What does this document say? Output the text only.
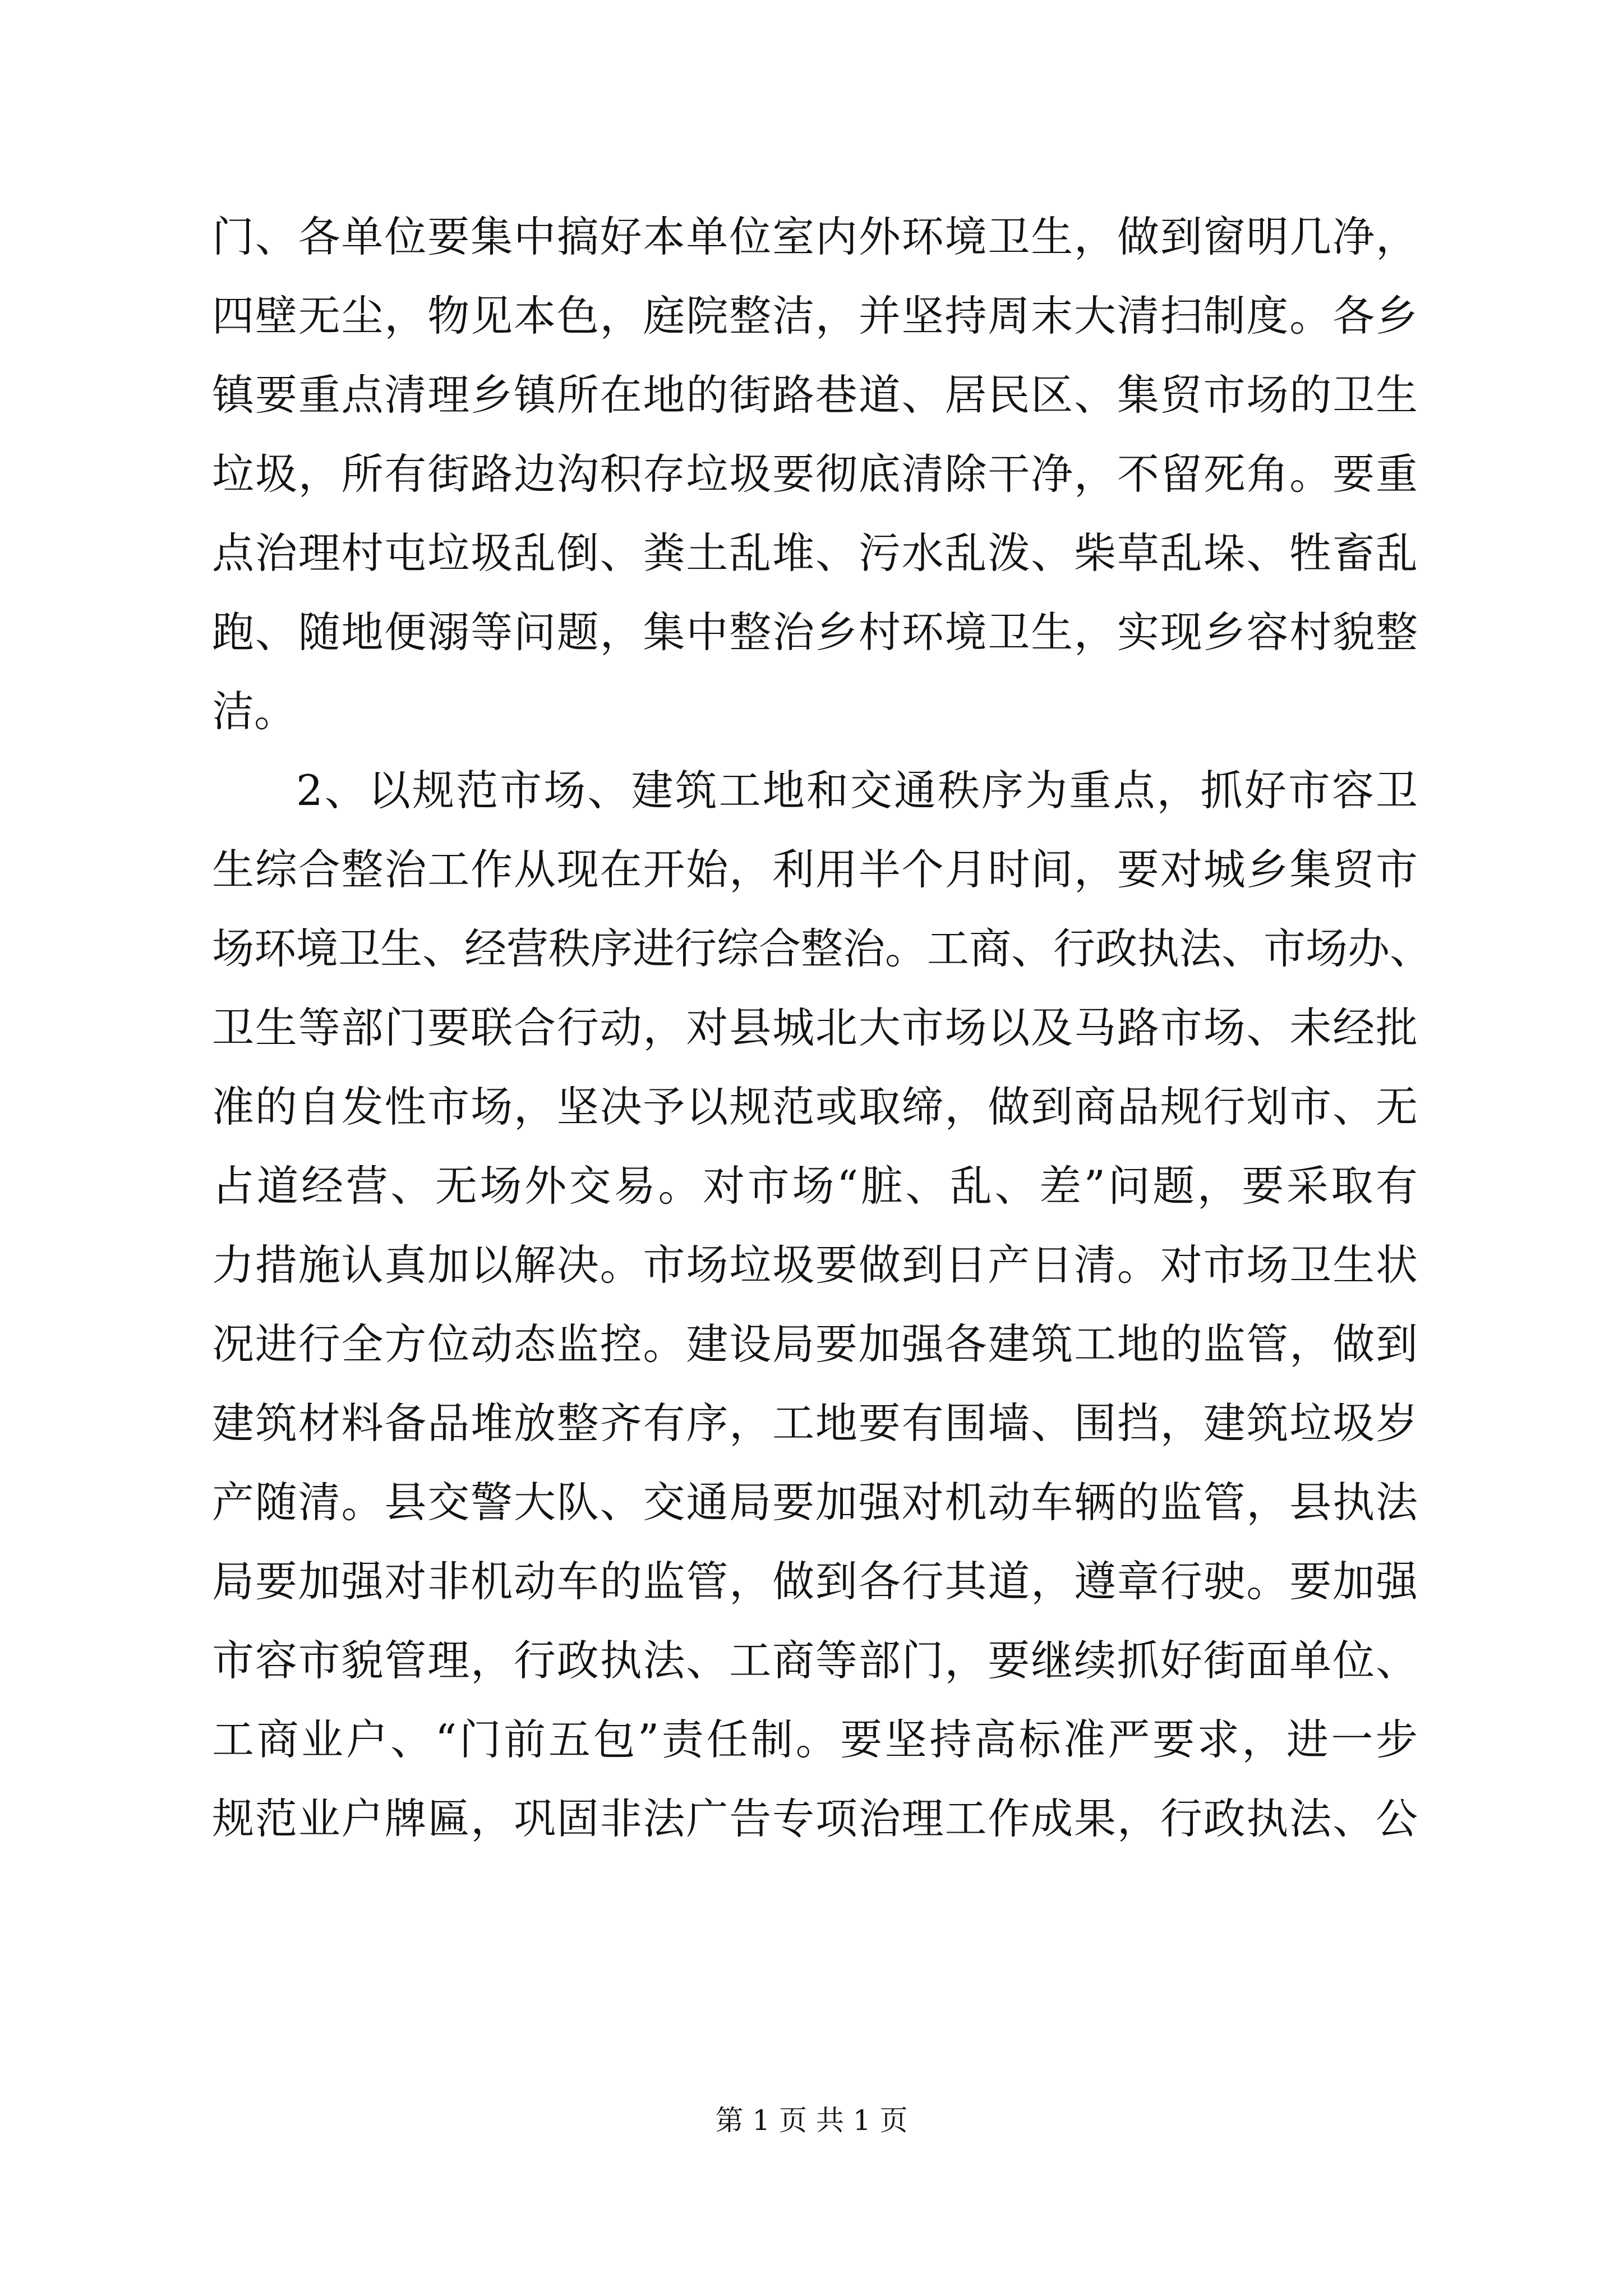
门、各单位要集中搞好本单位室内外环境卫生，做到窗明几净，
四壁无尘，物见本色，庭院整洁，并坚持周末大清扫制度。各乡
镇要重点清理乡镇所在地的街路巷道、居民区、集贸市场的卫生
垃圾，所有街路边沟积存垃圾要彻底清除干净，不留死角。要重
点治理村屯垃圾乱倒、粪土乱堆、污水乱泼、柴草乱垛、牲畜乱
跑、随地便溺等问题，集中整治乡村环境卫生，实现乡容村貌整
洁。
2、以规范市场、建筑工地和交通秩序为重点，抓好市容卫
生综合整治工作从现在开始，利用半个月时间，要对城乡集贸市
场环境卫生、经营秩序进行综合整治。工商、行政执法、市场办、
卫生等部门要联合行动，对县城北大市场以及马路市场、未经批
准的自发性市场，坚决予以规范或取缔，做到商品规行划市、无
占道经营、无场外交易。对市场“脏、乱、差”问题，要采取有
力措施认真加以解决。市场垃圾要做到日产日清。对市场卫生状
况进行全方位动态监控。建设局要加强各建筑工地的监管，做到
建筑材料备品堆放整齐有序，工地要有围墙、围挡，建筑垃圾岁
产随清。县交警大队、交通局要加强对机动车辆的监管，县执法
局要加强对非机动车的监管，做到各行其道，遵章行驶。要加强
市容市貌管理，行政执法、工商等部门，要继续抓好街面单位、
工商业户、“门前五包”责任制。要坚持高标准严要求，进一步
规范业户牌匾，巩固非法广告专项治理工作成果，行政执法、公
第 1 页 共 1 页
